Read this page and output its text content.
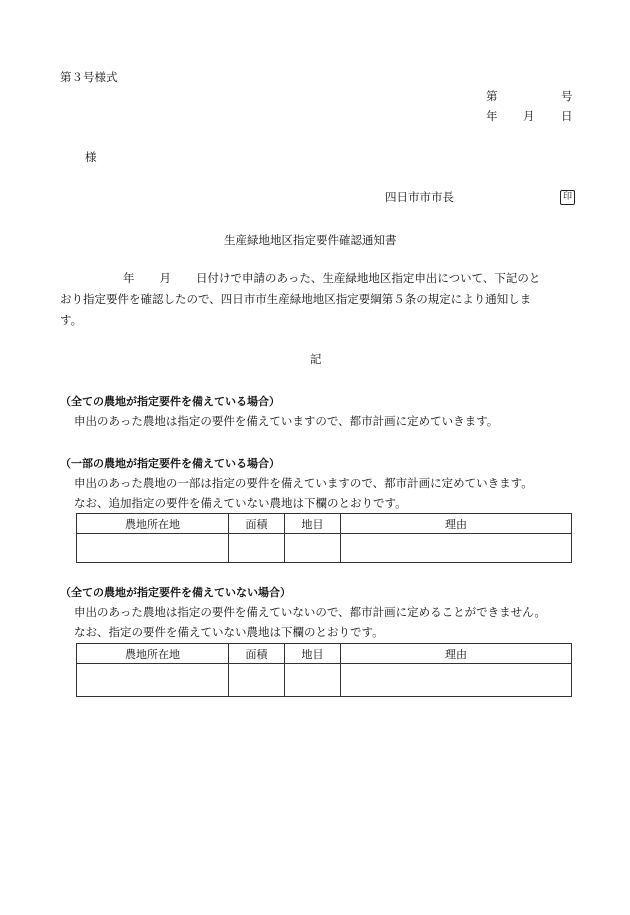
第３号様式
第	号
年 月 日
様
四日市市市長	印
生産緑地地区指定要件確認通知書
年 月 日付けで申請のあった、生産緑地地区指定申出について、下記のと
おり指定要件を確認したので、四日市市生産緑地地区指定要綱第５条の規定により通知しま
す。
記
（全ての農地が指定要件を備えている場合）
申出のあった農地は指定の要件を備えていますので、都市計画に定めていきます。
（一部の農地が指定要件を備えている場合）
申出のあった農地の一部は指定の要件を備えていますので、都市計画に定めていきます。
なお、追加指定の要件を備えていない農地は下欄のとおりです。
農地所在地	面積	地目	理由

（全ての農地が指定要件を備えていない場合）
申出のあった農地は指定の要件を備えていないので、都市計画に定めることができません。
なお、指定の要件を備えていない農地は下欄のとおりです。
農地所在地	面積	地目	理由
